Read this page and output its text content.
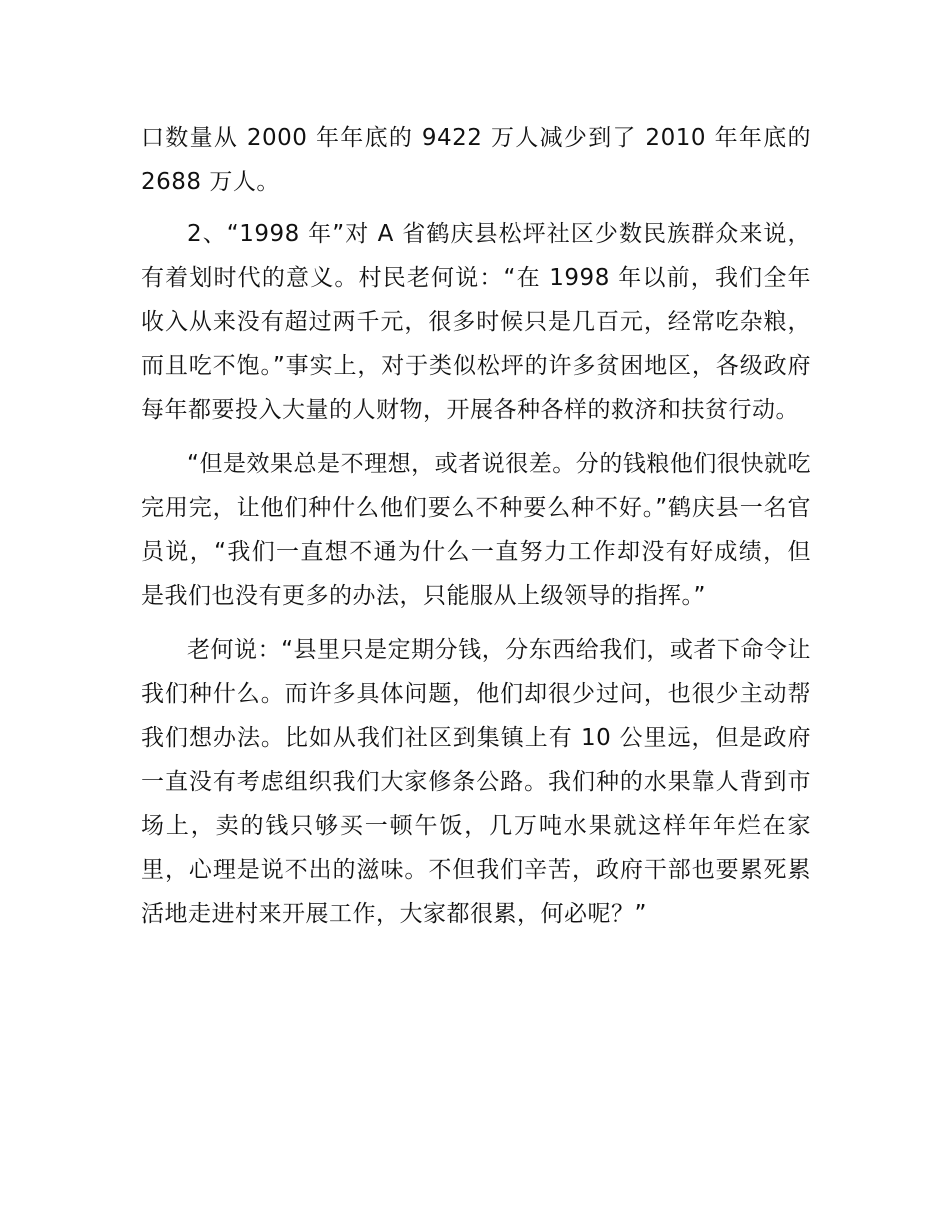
口数量从 2000 年年底的 9422 万人减少到了 2010 年年底的 2688 万人。

2、“1998 年”对 A 省鹤庆县松坪社区少数民族群众来说，有着划时代的意义。村民老何说：“在 1998 年以前，我们全年收入从来没有超过两千元，很多时候只是几百元，经常吃杂粮，而且吃不饱。”事实上，对于类似松坪的许多贫困地区，各级政府每年都要投入大量的人财物，开展各种各样的救济和扶贫行动。

“但是效果总是不理想，或者说很差。分的钱粮他们很快就吃完用完，让他们种什么他们要么不种要么种不好。”鹤庆县一名官员说，“我们一直想不通为什么一直努力工作却没有好成绩，但是我们也没有更多的办法，只能服从上级领导的指挥。”

老何说：“县里只是定期分钱，分东西给我们，或者下命令让我们种什么。而许多具体问题，他们却很少过问，也很少主动帮我们想办法。比如从我们社区到集镇上有 10 公里远，但是政府一直没有考虑组织我们大家修条公路。我们种的水果靠人背到市场上，卖的钱只够买一顿午饭，几万吨水果就这样年年烂在家里，心理是说不出的滋味。不但我们辛苦，政府干部也要累死累活地走进村来开展工作，大家都很累，何必呢？”
